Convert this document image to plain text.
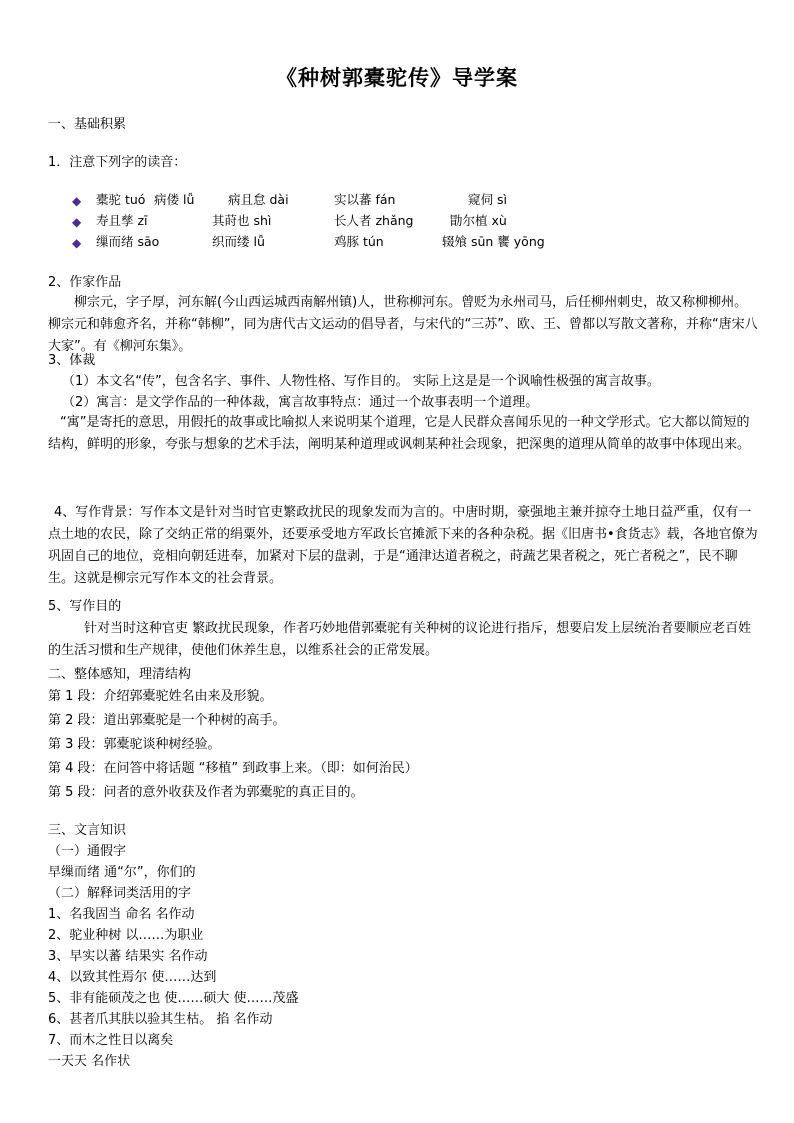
《种树郭橐驼传》导学案
一、基础积累
1．注意下列字的读音：
◆ 橐驼 tuó 病偻 lǚ	病且怠 dài	实以蕃 fán	窥伺 sì
◆ 寿且孳 zī	其莳也 shì	长人者 zhǎng	勖尔植 xù
◆ 缫而绪 sāo	织而缕 lǚ	鸡豚 tún	辍飧 sūn 饔 yōng
2、作家作品
柳宗元，字子厚，河东解(今山西运城西南解州镇)人，世称柳河东。曾贬为永州司马，后任柳州刺史，故又称柳柳州。柳宗元和韩愈齐名，并称“韩柳”，同为唐代古文运动的倡导者，与宋代的“三苏”、欧、王、曾都以写散文著称，并称“唐宋八大家”。有《柳河东集》。
3、体裁
（1）本文名“传”，包含名字、事件、人物性格、写作目的。 实际上这是是一个讽喻性极强的寓言故事。
（2）寓言：是文学作品的一种体裁，寓言故事特点：通过一个故事表明一个道理。
“寓”是寄托的意思，用假托的故事或比喻拟人来说明某个道理，它是人民群众喜闻乐见的一种文学形式。它大都以简短的结构，鲜明的形象，夸张与想象的艺术手法，阐明某种道理或讽刺某种社会现象，把深奥的道理从简单的故事中体现出来。
4、写作背景：写作本文是针对当时官吏繁政扰民的现象发而为言的。中唐时期，豪强地主兼并掠夺土地日益严重，仅有一点土地的农民，除了交纳正常的绢粟外，还要承受地方军政长官摊派下来的各种杂税。据《旧唐书•食货志》载，各地官僚为巩固自己的地位，竞相向朝廷进奉，加紧对下层的盘剥，于是“通津达道者税之，莳蔬艺果者税之，死亡者税之”，民不聊生。这就是柳宗元写作本文的社会背景。
5、写作目的
针对当时这种官吏 繁政扰民现象，作者巧妙地借郭橐驼有关种树的议论进行指斥，想要启发上层统治者要顺应老百姓的生活习惯和生产规律，使他们休养生息，以维系社会的正常发展。
二、整体感知，理清结构
第 1 段：介绍郭橐驼姓名由来及形貌。
第 2 段：道出郭橐驼是一个种树的高手。
第 3 段：郭橐驼谈种树经验。
第 4 段：在问答中将话题 “移植” 到政事上来。（即：如何治民）
第 5 段：问者的意外收获及作者为郭橐驼的真正目的。
三、文言知识
（一）通假字
早缫而绪 通“尔”，你们的
（二）解释词类活用的字
1、名我固当 命名 名作动
2、驼业种树 以……为职业
3、早实以蕃 结果实 名作动
4、以致其性焉尔 使……达到
5、非有能硕茂之也 使……硕大 使……茂盛
6、甚者爪其肤以验其生枯。 掐 名作动
7、而木之性日以离矣
一天天 名作状
